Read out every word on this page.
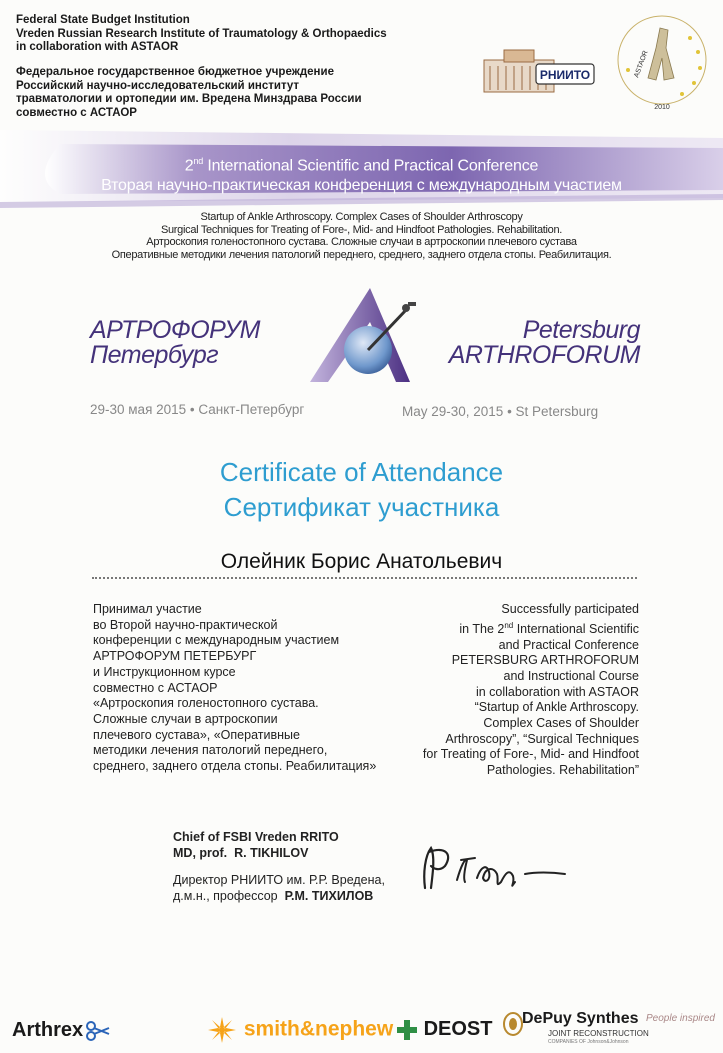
Federal State Budget Institution
Vreden Russian Research Institute of Traumatology & Orthopaedics
in collaboration with ASTAOR
Федеральное государственное бюджетное учреждение
Российский научно-исследовательский институт
травматологии и ортопедии им. Вредена Минздрава России
совместно с АСТАОР
РНИИТО	ASTAOR
2010
2nd International Scientific and Practical Conference
Вторая научно-практическая конференция с международным участием
Startup of Ankle Arthroscopy. Complex Cases of Shoulder Arthroscopy
Surgical Techniques for Treating of Fore-, Mid- and Hindfoot Pathologies. Rehabilitation.
Артроскопия голеностопного сустава. Сложные случаи в артроскопии плечевого сустава
Оперативные методики лечения патологий переднего, среднего, заднего отдела стопы. Реабилитация.
АРТРОФОРУМ
Петербург
Petersburg
ARTHROFORUM
29-30 мая 2015 • Санкт-Петербург	May 29-30, 2015 • St Petersburg
Certificate of Attendance
Сертификат участника
Олейник Борис Анатольевич
Принимал участие
во Второй научно-практической
конференции с международным участием
АРТРОФОРУМ ПЕТЕРБУРГ
и Инструкционном курсе
совместно с АСТАОР
«Артроскопия голеностопного сустава.
Сложные случаи в артроскопии
плечевого сустава», «Оперативные
методики лечения патологий переднего,
среднего, заднего отдела стопы. Реабилитация»
Successfully participated
in The 2nd International Scientific
and Practical Conference
PETERSBURG ARTHROFORUM
and Instructional Course
in collaboration with ASTAOR
“Startup of Ankle Arthroscopy.
Complex Cases of Shoulder
Arthroscopy”, “Surgical Techniques
for Treating of Fore-, Mid- and Hindfoot
Pathologies. Rehabilitation”
Chief of FSBI Vreden RRITO
MD, prof. R. TIKHILOV
Директор РНИИТО им. Р.Р. Вредена,
д.м.н., профессор Р.М. ТИХИЛОВ
Arthrex	smith&nephew	DEOST DePuy Synthes
JOINT RECONSTRUCTION
COMPANIES OF Johnson&Johnson
People inspired
